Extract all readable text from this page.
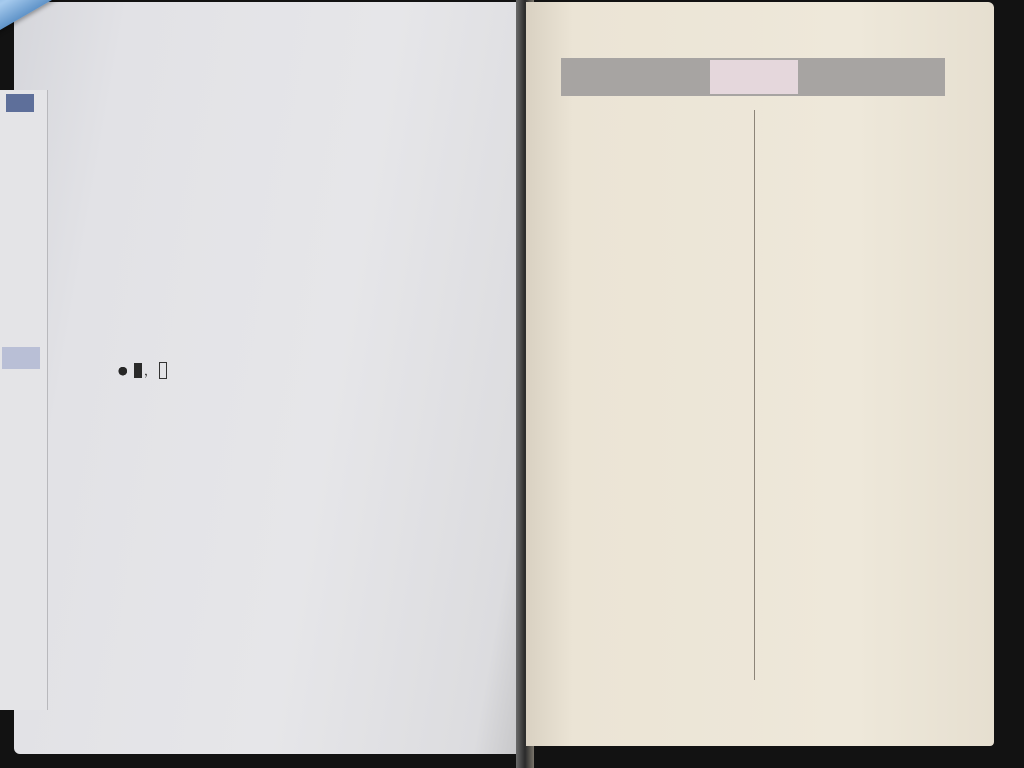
● ，
